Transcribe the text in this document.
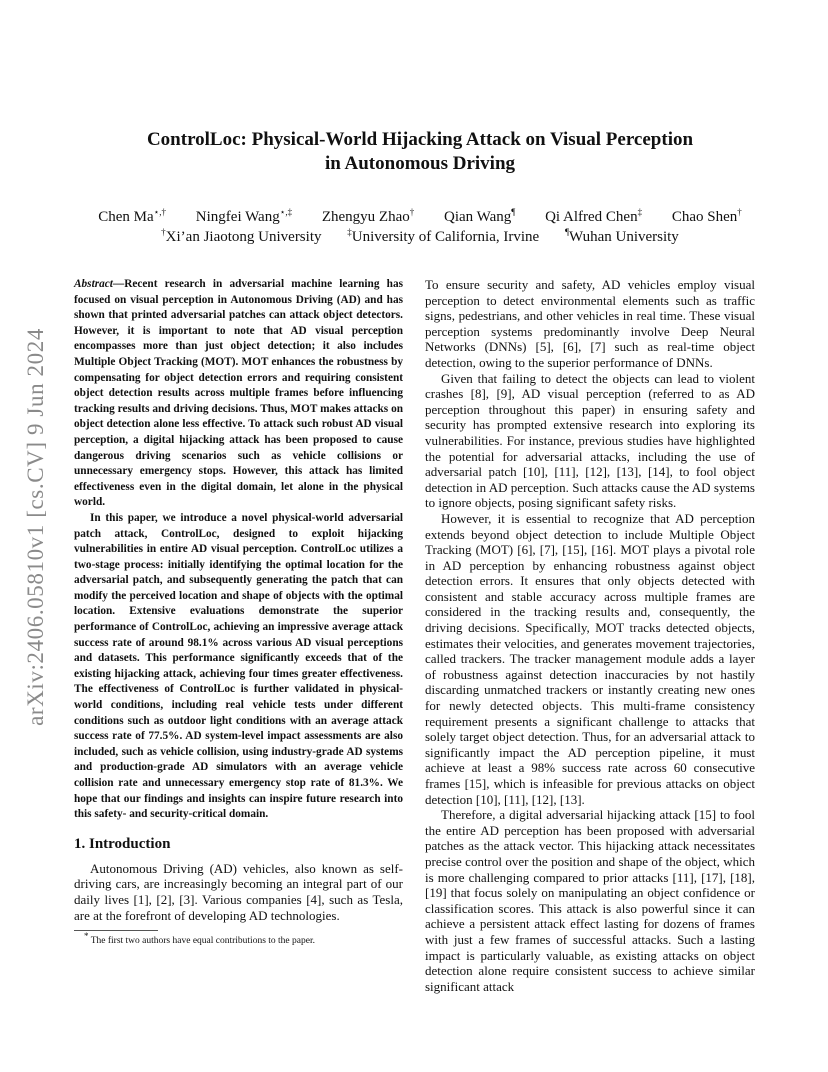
arXiv:2406.05810v1 [cs.CV] 9 Jun 2024
ControlLoc: Physical-World Hijacking Attack on Visual Perception
in Autonomous Driving
Chen Ma⋆,† Ningfei Wang⋆,‡ Zhengyu Zhao† Qian Wang¶ Qi Alfred Chen‡ Chao Shen†
†Xi’an Jiaotong University	‡University of California, Irvine	¶Wuhan University

Abstract—Recent research in adversarial machine learning has focused on visual perception in Autonomous Driving (AD) and has shown that printed adversarial patches can attack object detectors. However, it is important to note that AD visual perception encompasses more than just object detection; it also includes Multiple Object Tracking (MOT). MOT enhances the robustness by compensating for object detection errors and requiring consistent object detection results across multiple frames before influencing tracking results and driving decisions. Thus, MOT makes attacks on object detection alone less effective. To attack such robust AD visual perception, a digital hijacking attack has been proposed to cause dangerous driving scenarios such as vehicle collisions or unnecessary emergency stops. However, this attack has limited effectiveness even in the digital domain, let alone in the physical world.

In this paper, we introduce a novel physical-world adversarial patch attack, ControlLoc, designed to exploit hijacking vulnerabilities in entire AD visual perception. ControlLoc utilizes a two-stage process: initially identifying the optimal location for the adversarial patch, and subsequently generating the patch that can modify the perceived location and shape of objects with the optimal location. Extensive evaluations demonstrate the superior performance of ControlLoc, achieving an impressive average attack success rate of around 98.1% across various AD visual perceptions and datasets. This performance significantly exceeds that of the existing hijacking attack, achieving four times greater effectiveness. The effectiveness of ControlLoc is further validated in physical-world conditions, including real vehicle tests under different conditions such as outdoor light conditions with an average attack success rate of 77.5%. AD system-level impact assessments are also included, such as vehicle collision, using industry-grade AD systems and production-grade AD simulators with an average vehicle collision rate and unnecessary emergency stop rate of 81.3%. We hope that our findings and insights can inspire future research into this safety- and security-critical domain.

1. Introduction

Autonomous Driving (AD) vehicles, also known as self-driving cars, are increasingly becoming an integral part of our daily lives [1], [2], [3]. Various companies [4], such as Tesla, are at the forefront of developing AD technologies.

* The first two authors have equal contributions to the paper.

To ensure security and safety, AD vehicles employ visual perception to detect environmental elements such as traffic signs, pedestrians, and other vehicles in real time. These visual perception systems predominantly involve Deep Neural Networks (DNNs) [5], [6], [7] such as real-time object detection, owing to the superior performance of DNNs.

Given that failing to detect the objects can lead to violent crashes [8], [9], AD visual perception (referred to as AD perception throughout this paper) in ensuring safety and security has prompted extensive research into exploring its vulnerabilities. For instance, previous studies have highlighted the potential for adversarial attacks, including the use of adversarial patch [10], [11], [12], [13], [14], to fool object detection in AD perception. Such attacks cause the AD systems to ignore objects, posing significant safety risks.

However, it is essential to recognize that AD perception extends beyond object detection to include Multiple Object Tracking (MOT) [6], [7], [15], [16]. MOT plays a pivotal role in AD perception by enhancing robustness against object detection errors. It ensures that only objects detected with consistent and stable accuracy across multiple frames are considered in the tracking results and, consequently, the driving decisions. Specifically, MOT tracks detected objects, estimates their velocities, and generates movement trajectories, called trackers. The tracker management module adds a layer of robustness against detection inaccuracies by not hastily discarding unmatched trackers or instantly creating new ones for newly detected objects. This multi-frame consistency requirement presents a significant challenge to attacks that solely target object detection. Thus, for an adversarial attack to significantly impact the AD perception pipeline, it must achieve at least a 98% success rate across 60 consecutive frames [15], which is infeasible for previous attacks on object detection [10], [11], [12], [13].

Therefore, a digital adversarial hijacking attack [15] to fool the entire AD perception has been proposed with adversarial patches as the attack vector. This hijacking attack necessitates precise control over the position and shape of the object, which is more challenging compared to prior attacks [11], [17], [18], [19] that focus solely on manipulating an object confidence or classification scores. This attack is also powerful since it can achieve a persistent attack effect lasting for dozens of frames with just a few frames of successful attacks. Such a lasting impact is particularly valuable, as existing attacks on object detection alone require consistent success to achieve similar significant attack
